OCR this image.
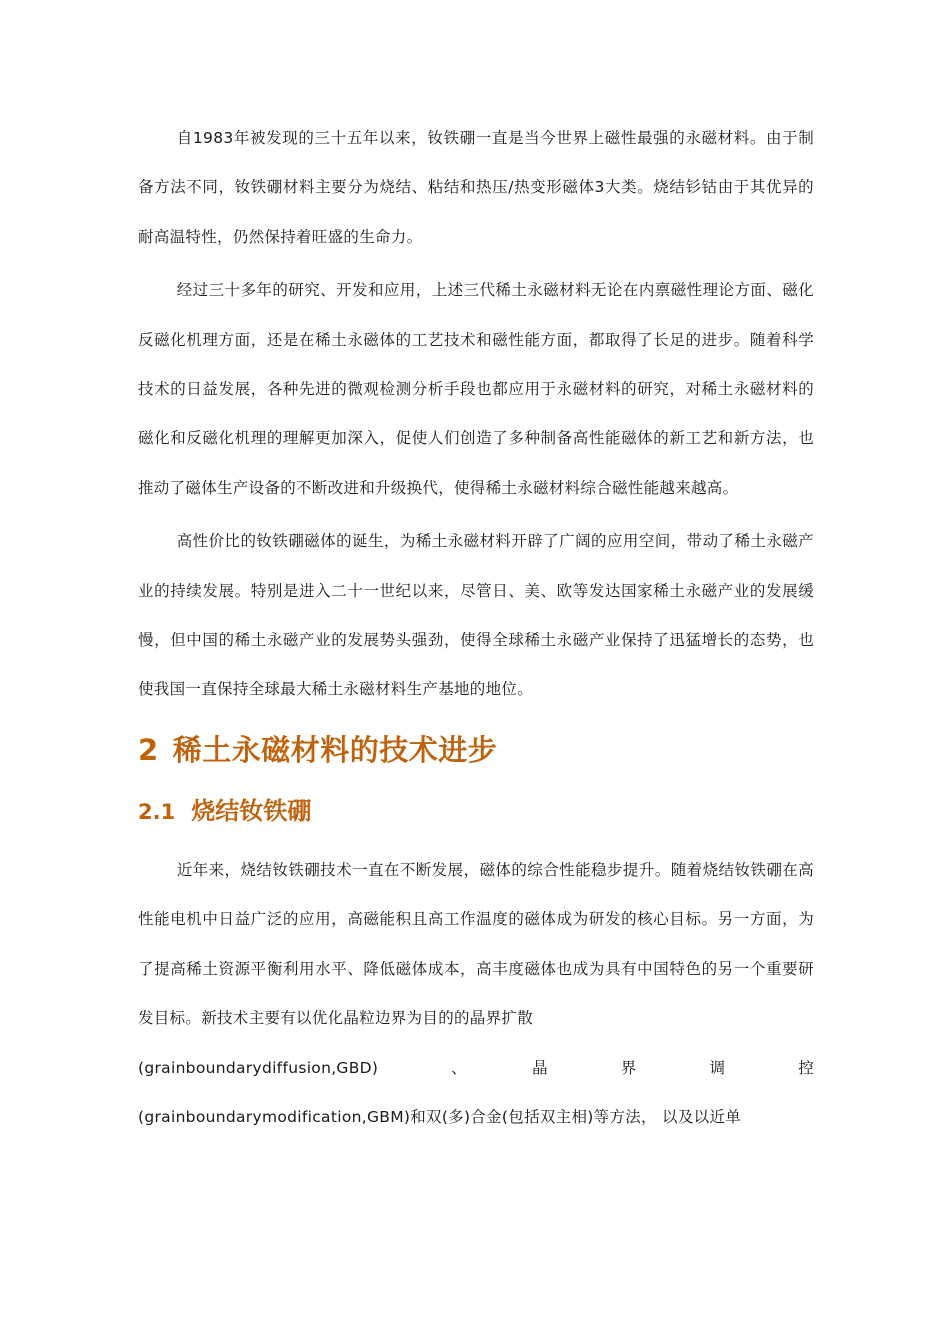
自1983年被发现的三十五年以来，钕铁硼一直是当今世界上磁性最强的永磁材料。由于制备方法不同，钕铁硼材料主要分为烧结、粘结和热压/热变形磁体3大类。烧结钐钴由于其优异的耐高温特性，仍然保持着旺盛的生命力。

经过三十多年的研究、开发和应用，上述三代稀土永磁材料无论在内禀磁性理论方面、磁化反磁化机理方面，还是在稀土永磁体的工艺技术和磁性能方面，都取得了长足的进步。随着科学技术的日益发展，各种先进的微观检测分析手段也都应用于永磁材料的研究，对稀土永磁材料的磁化和反磁化机理的理解更加深入，促使人们创造了多种制备高性能磁体的新工艺和新方法，也推动了磁体生产设备的不断改进和升级换代，使得稀土永磁材料综合磁性能越来越高。

高性价比的钕铁硼磁体的诞生，为稀土永磁材料开辟了广阔的应用空间，带动了稀土永磁产业的持续发展。特别是进入二十一世纪以来，尽管日、美、欧等发达国家稀土永磁产业的发展缓慢，但中国的稀土永磁产业的发展势头强劲，使得全球稀土永磁产业保持了迅猛增长的态势，也使我国一直保持全球最大稀土永磁材料生产基地的地位。

2 稀土永磁材料的技术进步
2.1 烧结钕铁硼

近年来，烧结钕铁硼技术一直在不断发展，磁体的综合性能稳步提升。随着烧结钕铁硼在高性能电机中日益广泛的应用，高磁能积且高工作温度的磁体成为研发的核心目标。另一方面，为了提高稀土资源平衡利用水平、降低磁体成本，高丰度磁体也成为具有中国特色的另一个重要研发目标。新技术主要有以优化晶粒边界为目的的晶界扩散

(grainboundarydiffusion,GBD)　　　、　　　晶　　　界　　　调　　　控

(grainboundarymodification,GBM)和双(多)合金(包括双主相)等方法， 以及以近单
